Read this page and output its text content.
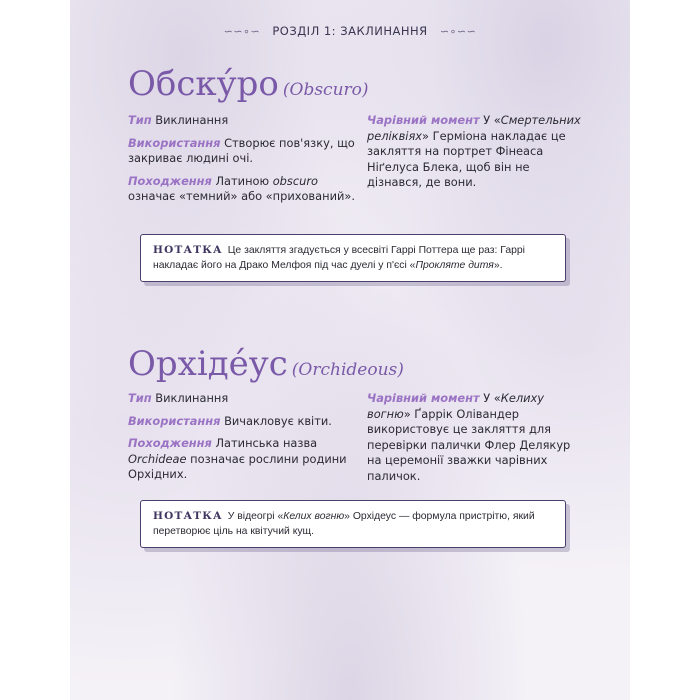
∽∽∘∽ РОЗДІЛ 1: ЗАКЛИНАННЯ ∽∘∽∽
Обску́ро (Obscuro)

Тип Виклинання

Використання Створює пов'язку, що закриває людині очі.

Походження Латиною obscuro означає «темний» або «прихований».

Чарівний момент У «Смертельних реліквіях» Герміона накладає це закляття на портрет Фінеаса Ніґелуса Блека, щоб він не дізнався, де вони.

НОТАТКА Це закляття згадується у всесвіті Гаррі Поттера ще раз: Гаррі накладає його на Драко Мелфоя під час дуелі у п'єсі «Прокляте дитя».
Орхіде́ус (Orchideous)

Тип Виклинання

Використання Вичакловує квіти.

Походження Латинська назва Orchideae позначає рослини родини Орхідних.

Чарівний момент У «Келиху вогню» Ґаррік Олівандер використовує це закляття для перевірки палички Флер Делякур на церемонії зважки чарівних паличок.

НОТАТКА У відеогрі «Келих вогню» Орхідеус — формула пристрітю, який перетворює ціль на квітучий кущ.
